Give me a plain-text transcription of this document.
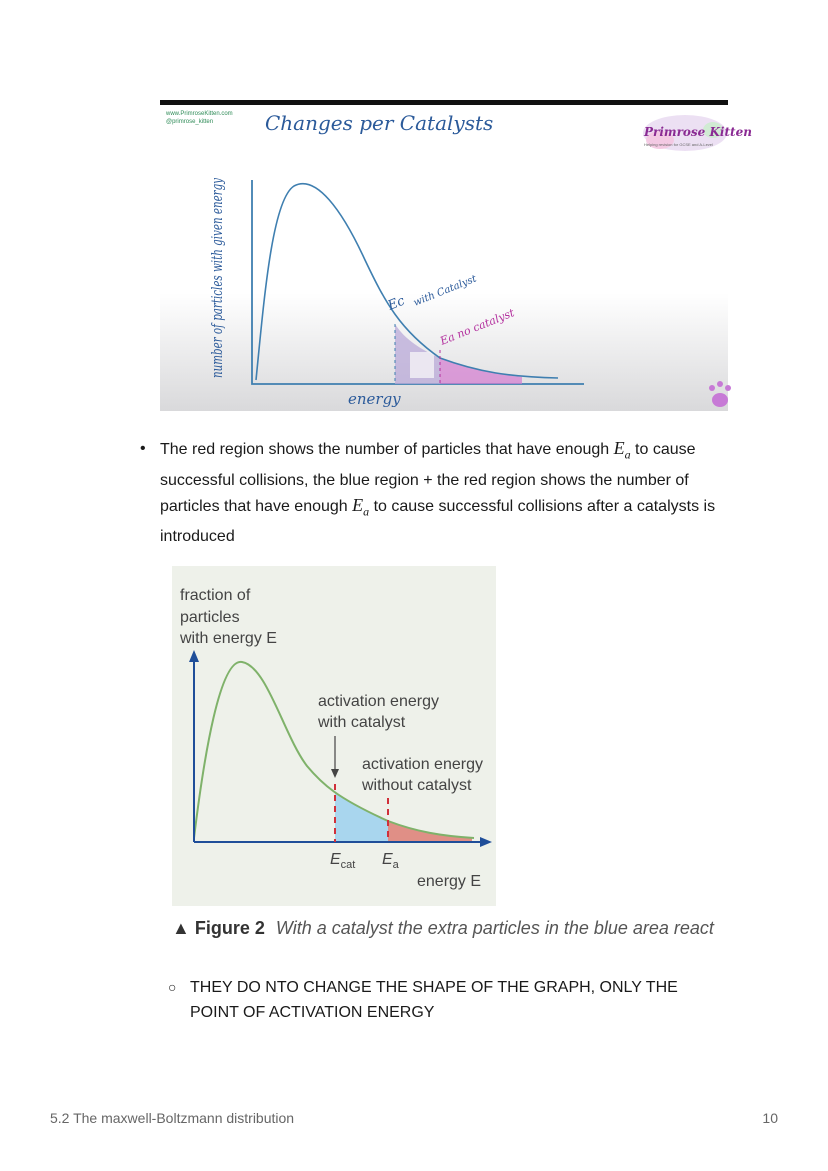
www.PrimroseKitten.com
@primrose_kitten	Changes per Catalysts	Primrose Kitten
Helping revision for GCSE and A-Level
Ec with Catalyst
Ea no catalyst
number of particles with given energy
energy
• The red region shows the number of particles that have enough $E_a$ to cause successful collisions, the blue region + the red region shows the number of particles that have enough $E_a$ to cause successful collisions after a catalysts is introduced
fraction of
particles
with energy E
activation energy
with catalyst
activation energy
without catalyst
$E_{cat}$ $E_a$
energy E
▲ Figure 2 With a catalyst the extra particles in the blue area react
○ THEY DO NTO CHANGE THE SHAPE OF THE GRAPH, ONLY THE POINT OF ACTIVATION ENERGY
5.2 The maxwell-Boltzmann distribution	10
